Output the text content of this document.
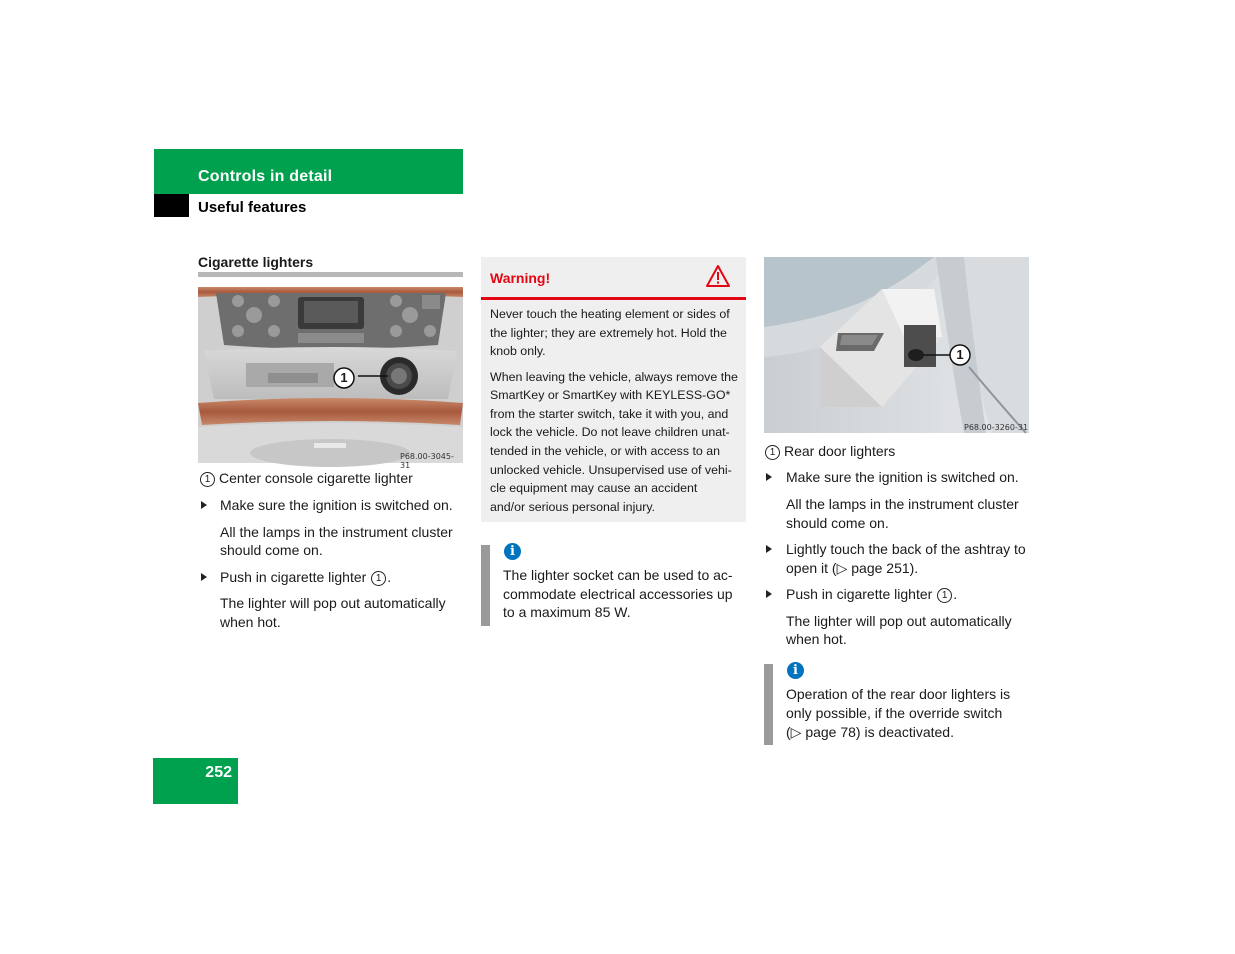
Controls in detail
Useful features
Cigarette lighters
1
P68.00-3045-31
1 Center console cigarette lighter
Make sure the ignition is switched on.
All the lamps in the instrument cluster
should come on.
Push in cigarette lighter 1 .
The lighter will pop out automatically
when hot.
Warning!
Never touch the heating element or sides of
the lighter; they are extremely hot. Hold the
knob only.
When leaving the vehicle, always remove the
SmartKey or SmartKey with KEYLESS-GO*
from the starter switch, take it with you, and
lock the vehicle. Do not leave children unat-
tended in the vehicle, or with access to an
unlocked vehicle. Unsupervised use of vehi-
cle equipment may cause an accident
and/or serious personal injury.
i
The lighter socket can be used to ac-
commodate electrical accessories up
to a maximum 85 W.
1
P68.00-3260-31
1 Rear door lighters
Make sure the ignition is switched on.
All the lamps in the instrument cluster
should come on.
Lightly touch the back of the ashtray to
open it (▷ page 251).
Push in cigarette lighter 1 .
The lighter will pop out automatically
when hot.
i
Operation of the rear door lighters is
only possible, if the override switch
(▷ page 78) is deactivated.
252
